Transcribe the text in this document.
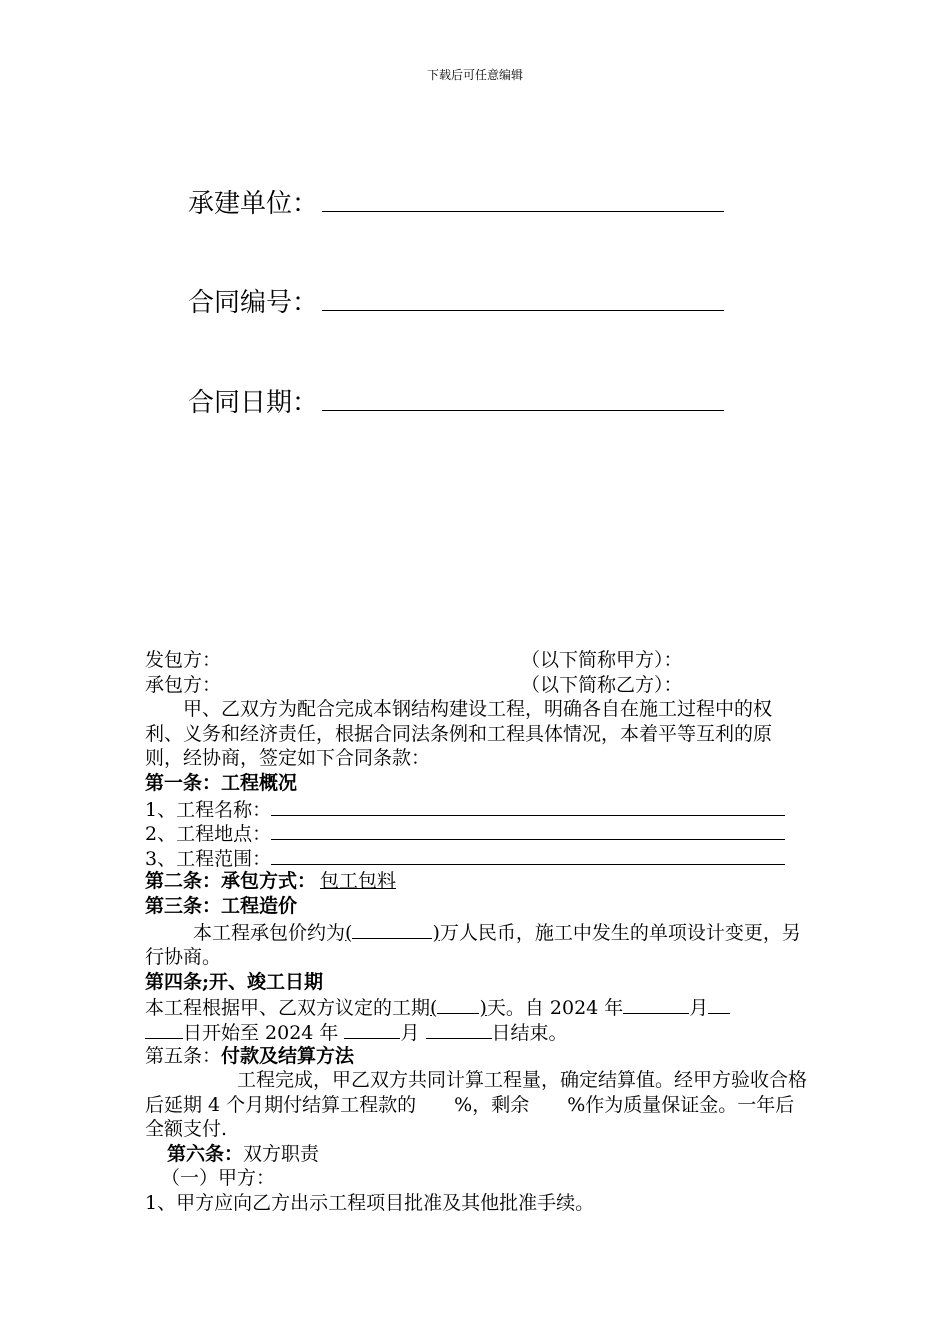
下载后可任意编辑
承建单位：
合同编号：
合同日期：
发包方：	（以下简称甲方）：
承包方：	（以下简称乙方）：
甲、乙双方为配合完成本钢结构建设工程，明确各自在施工过程中的权利、义务和经济责任，根据合同法条例和工程具体情况，本着平等互利的原则，经协商，签定如下合同条款：
第一条：工程概况
1、工程名称：
2、工程地点：
3、工程范围：
第二条：承包方式： 包工包料
第三条：工程造价
本工程承包价约为(	)万人民币，施工中发生的单项设计变更，另行协商。
第四条;开、竣工日期
本工程根据甲、乙双方议定的工期( )天。自 2024 年	月
日开始至 2024 年	月	日结束。
第五条：付款及结算方法
工程完成，甲乙双方共同计算工程量，确定结算值。经甲方验收合格后延期 4 个月期付结算工程款的　　%，剩余　　%作为质量保证金。一年后全额支付.
第六条：双方职责
（一）甲方：
1、甲方应向乙方出示工程项目批准及其他批准手续。
